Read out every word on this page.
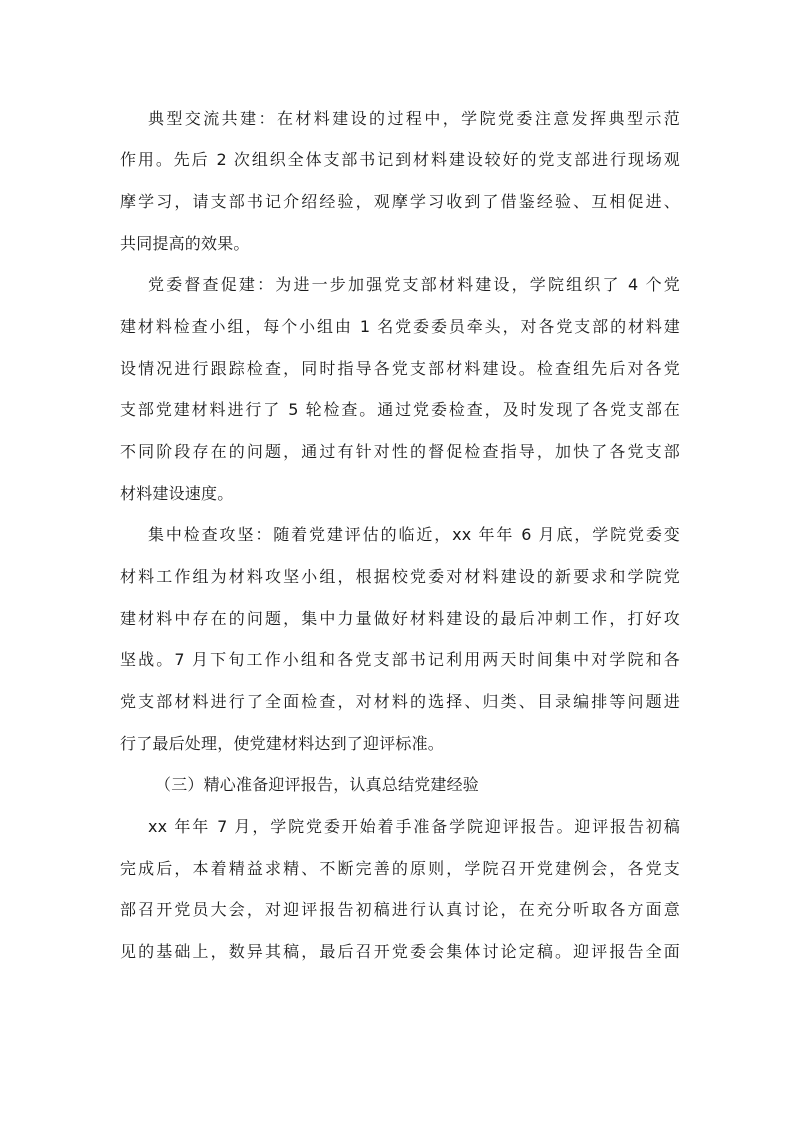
典型交流共建：在材料建设的过程中，学院党委注意发挥典型示范
作用。先后 2 次组织全体支部书记到材料建设较好的党支部进行现场观
摩学习，请支部书记介绍经验，观摩学习收到了借鉴经验、互相促进、
共同提高的效果。
党委督查促建：为进一步加强党支部材料建设，学院组织了 4 个党
建材料检查小组，每个小组由 1 名党委委员牵头，对各党支部的材料建
设情况进行跟踪检查，同时指导各党支部材料建设。检查组先后对各党
支部党建材料进行了 5 轮检查。通过党委检查，及时发现了各党支部在
不同阶段存在的问题，通过有针对性的督促检查指导，加快了各党支部
材料建设速度。
集中检查攻坚：随着党建评估的临近，xx 年年 6 月底，学院党委变
材料工作组为材料攻坚小组，根据校党委对材料建设的新要求和学院党
建材料中存在的问题，集中力量做好材料建设的最后冲刺工作，打好攻
坚战。7 月下旬工作小组和各党支部书记利用两天时间集中对学院和各
党支部材料进行了全面检查，对材料的选择、归类、目录编排等问题进
行了最后处理，使党建材料达到了迎评标准。
（三）精心准备迎评报告，认真总结党建经验
xx 年年 7 月，学院党委开始着手准备学院迎评报告。迎评报告初稿
完成后，本着精益求精、不断完善的原则，学院召开党建例会，各党支
部召开党员大会，对迎评报告初稿进行认真讨论，在充分听取各方面意
见的基础上，数异其稿，最后召开党委会集体讨论定稿。迎评报告全面
